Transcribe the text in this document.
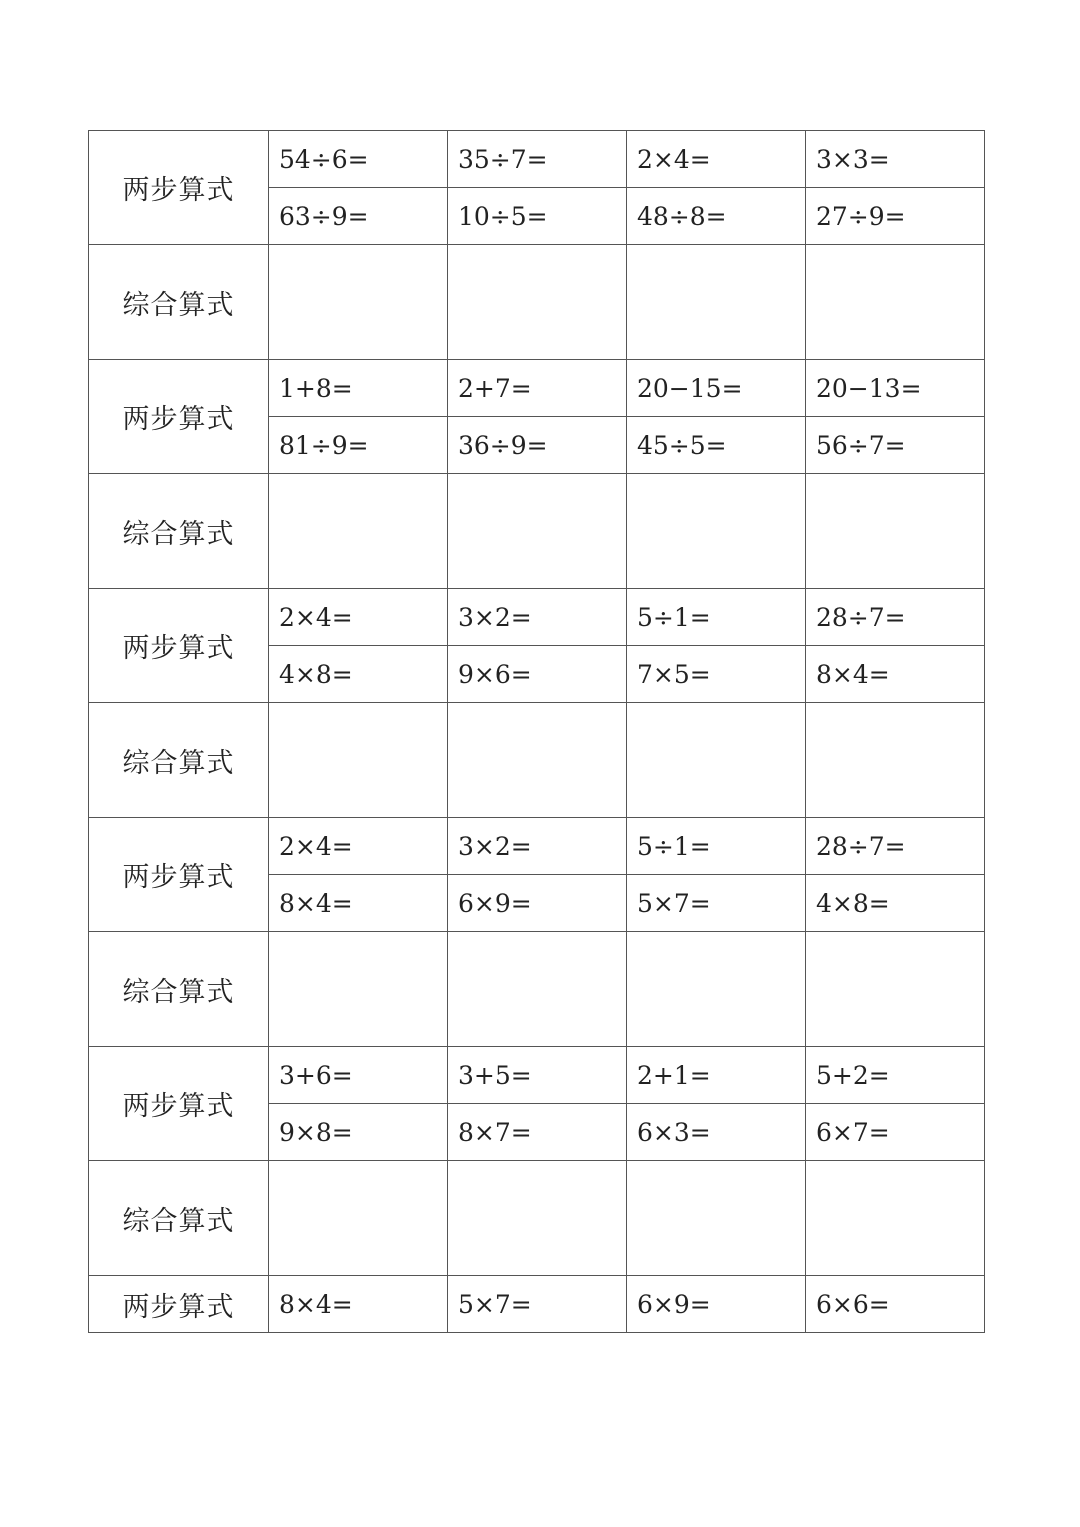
两步算式	54÷6=	35÷7=	2×4=	3×3=
	63÷9=	10÷5=	48÷8=	27÷9=
综合算式				
两步算式	1+8=	2+7=	20−15=	20−13=
	81÷9=	36÷9=	45÷5=	56÷7=
综合算式				
两步算式	2×4=	3×2=	5÷1=	28÷7=
	4×8=	9×6=	7×5=	8×4=
综合算式				
两步算式	2×4=	3×2=	5÷1=	28÷7=
	8×4=	6×9=	5×7=	4×8=
综合算式				
两步算式	3+6=	3+5=	2+1=	5+2=
	9×8=	8×7=	6×3=	6×7=
综合算式				
两步算式	8×4=	5×7=	6×9=	6×6=
